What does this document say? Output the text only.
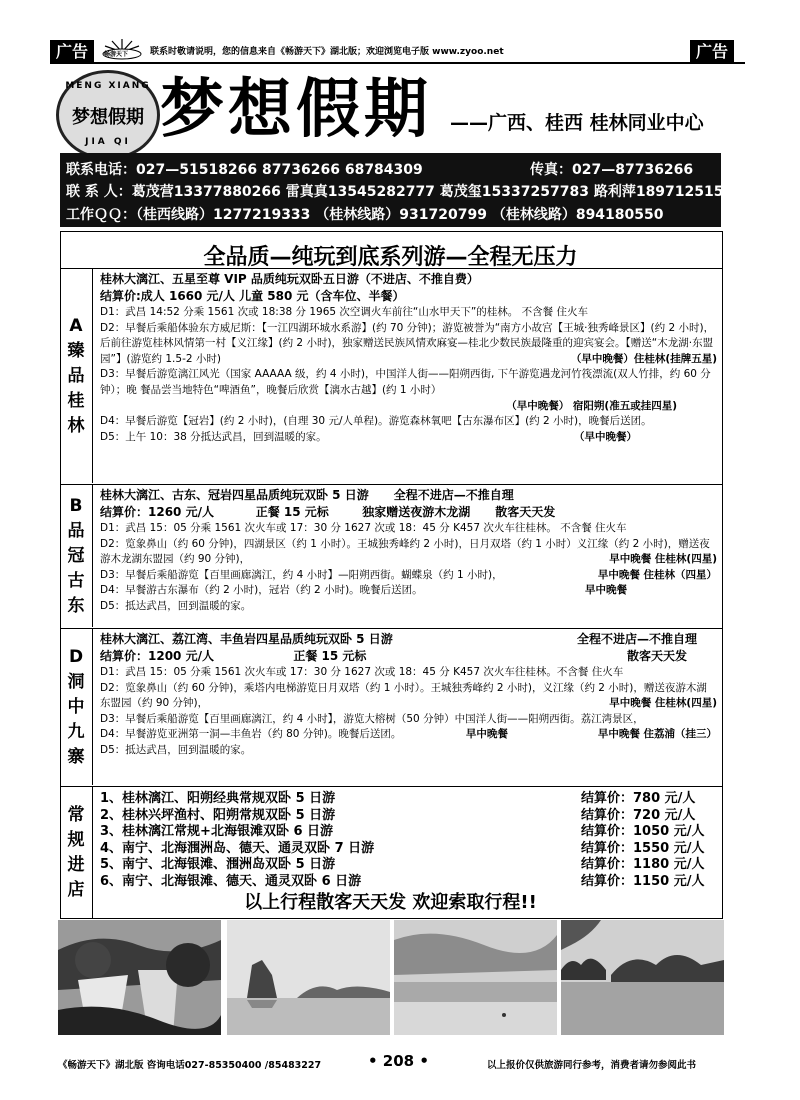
广告	广告
畅游天下 联系时敬请说明，您的信息来自《畅游天下》湖北版；欢迎浏览电子版 www.zyoo.net
MENG XIANG
梦想假期
JIA QI 梦想假期 ——广西、桂西 桂林同业中心
联系电话：027—51518266 87736266 68784309	传真：027—87736266
联 系 人：葛茂营13377880266 雷真真13545282777 葛茂玺15337257783 路利萍18971251563
工作ＱＱ：（桂西线路）1277219333 （桂林线路）931720799 （桂林线路）894180550
全品质—纯玩到底系列游—全程无压力
A
臻
品
桂
林
桂林大漓江、五星至尊 VIP 品质纯玩双卧五日游（不进店、不推自费）
结算价:成人 1660 元/人 儿童 580 元（含车位、半餐）
D1：武昌 14:52 分乘 1561 次或 18:38 分 1965 次空调火车前往“山水甲天下”的桂林。 不含餐 住火车
D2：早餐后乘船体验东方威尼斯：【一江四湖环城水系游】(约 70 分钟)；游览被誉为“南方小故宫【王城·独秀峰景区】(约 2 小时)，后前往游览桂林风情第一村【义江缘】(约 2 小时)，独家赠送民族风情欢麻宴—桂北少数民族最隆重的迎宾宴会。【赠送“木龙湖·东盟园”】(游览约 1.5-2 小时)	（早中晚餐）住桂林(挂牌五星)
D3：早餐后游览漓江风光（国家 AAAAA 级，约 4 小时)，中国洋人街——阳朔西街, 下午游览遇龙河竹筏漂流(双人竹排，约 60 分钟）；晚 餐品尝当地特色“啤酒鱼”，晚餐后欣赏【漓水古越】(约 1 小时）
（早中晚餐） 宿阳朔(准五或挂四星)
D4：早餐后游览【冠岩】(约 2 小时)，(自理 30 元/人单程)。游览森林氧吧【古东瀑布区】(约 2 小时)，晚餐后送团。
（早中晚餐）
D5：上午 10：38 分抵达武昌，回到温暖的家。
B
品
冠
古
东
桂林大漓江、古东、冠岩四星品质纯玩双卧 5 日游      全程不进店—不推自理
结算价：1260 元/人          正餐 15 元标        独家赠送夜游木龙湖      散客天天发
D1：武昌 15：05 分乘 1561 次火车或 17：30 分 1627 次或 18：45 分 K457 次火车往桂林。 不含餐 住火车
D2：览象鼻山（约 60 分钟)，四湖景区（约 1 小时）。王城独秀峰约 2 小时)，日月双塔（约 1 小时）义江缘（约 2 小时)，赠送夜游木龙湖东盟园（约 90 分钟)，	早中晚餐 住桂林(四星)
D3：早餐后乘船游览【百里画廊漓江，约 4 小时】—阳朔西街。蝴蝶泉（约 1 小时)，	早中晚餐 住桂林（四星）
D4：早餐游古东瀑布（约 2 小时)，冠岩（约 2 小时)。晚餐后送团。	早中晚餐
D5：抵达武昌，回到温暖的家。
D
洞
中
九
寨
桂林大漓江、荔江湾、丰鱼岩四星品质纯玩双卧 5 日游	全程不进店—不推自理
结算价：1200 元/人                   正餐 15 元标	散客天天发
D1：武昌 15：05 分乘 1561 次火车或 17：30 分 1627 次或 18：45 分 K457 次火车往桂林。不含餐 住火车
D2：览象鼻山（约 60 分钟)，乘塔内电梯游览日月双塔（约 1 小时）。王城独秀峰约 2 小时)，义江缘（约 2 小时)，赠送夜游木湖东盟园（约 90 分钟)，	早中晚餐 住桂林(四星)
D3：早餐后乘船游览【百里画廊漓江，约 4 小时】，游览大榕树（50 分钟）中国洋人街——阳朔西街。荔江湾景区，
早中晚餐 住荔浦（挂三）
D4：早餐游览亚洲第一洞—丰鱼岩（约 80 分钟)。晚餐后送团。	早中晚餐
D5：抵达武昌，回到温暖的家。
常
规
进
店
1、桂林漓江、阳朔经典常规双卧 5 日游	结算价：780 元/人
2、桂林兴坪渔村、阳朔常规双卧 5 日游	结算价：720 元/人
3、桂林漓江常规+北海银滩双卧 6 日游	结算价：1050 元/人
4、南宁、北海涠洲岛、德天、通灵双卧 7 日游	结算价：1550 元/人
5、南宁、北海银滩、涠洲岛双卧 5 日游	结算价：1180 元/人
6、南宁、北海银滩、德天、通灵双卧 6 日游	结算价：1150 元/人
以上行程散客天天发 欢迎索取行程!!
《畅游天下》湖北版 咨询电话027-85350400 /85483227	• 208 •	以上报价仅供旅游同行参考，消费者请勿参阅此书
